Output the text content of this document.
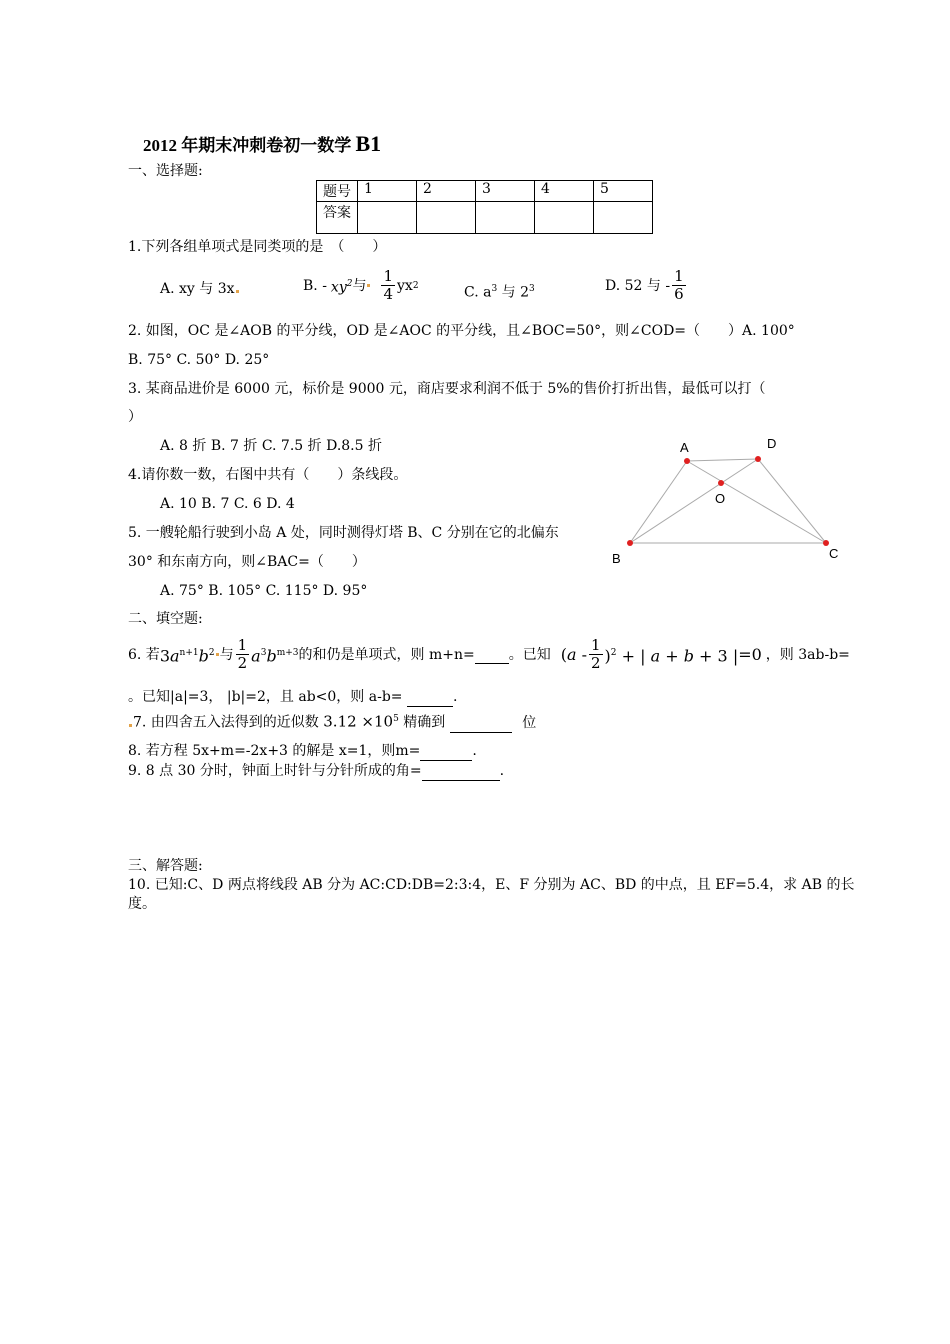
2012 年期末冲刺卷初一数学 B1
一、选择题:
题号	1	2	3	4	5
答案					
1.下列各组单项式是同类项的是　（　　）
A. xy 与 3x	B. - $xy^2$ 与 $\frac{1}{4}$ yx 2	C. $a^3$ 与 $2^3$	D. 52 与 - $\frac{1}{6}$
2. 如图，OC 是∠AOB 的平分线，OD 是∠AOC 的平分线，且∠BOC=50°，则∠COD=（　　）A. 100°
B. 75° C. 50° D. 25°
3. 某商品进价是 6000 元，标价是 9000 元，商店要求利润不低于 5%的售价打折出售，最低可以打（
）
A. 8 折 B. 7 折 C. 7.5 折 D.8.5 折
4.请你数一数，右图中共有（　　）条线段。
A. 10 B. 7 C. 6 D. 4
5. 一艘轮船行驶到小岛 A 处，同时测得灯塔 B、C 分别在它的北偏东
30° 和东南方向，则∠BAC=（　　）
A. 75° B. 105° C. 115° D. 95°
A	D
O
B	C
二、填空题:
6. 若 $3a^{n+1}b^2$ 与 $\frac{1}{2} a^3b^{m+3}$ 的和仍是单项式，则 m+n=
。已知 $(a - \frac{1}{2} )^2$ + | a + b + 3 | =0 ，则 3ab-b=
。已知|a|=3， |b|=2，且 ab<0，则 a-b=	.
7. 由四舍五入法得到的近似数 $3.12 \times 10^5$ 精确到	位
8. 若方程 5x+m=-2x+3 的解是 x=1，则m=	.
9. 8 点 30 分时，钟面上时针与分针所成的角=	.
三、解答题:
10. 已知:C、D 两点将线段 AB 分为 AC:CD:DB=2:3:4，E、F 分别为 AC、BD 的中点，且 EF=5.4，求 AB 的长
度。
